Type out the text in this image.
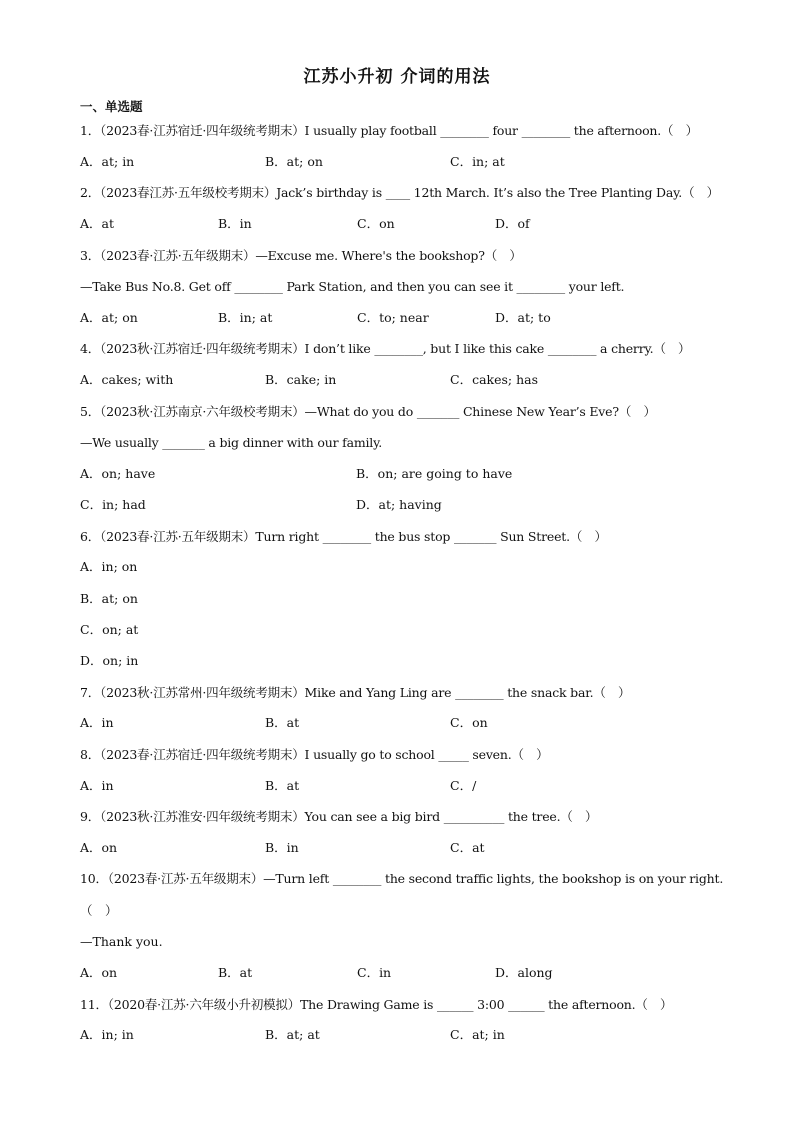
江苏小升初 介词的用法
一、单选题
1．（2023春·江苏宿迁·四年级统考期末）I usually play football ________ four ________ the afternoon.（　）
A．at; in	B．at; on	C．in; at
2．（2023春江苏·五年级校考期末）Jack’s birthday is ____ 12th March. It’s also the Tree Planting Day.（　）
A．at	B．in	C．on	D．of
3．（2023春·江苏·五年级期末）—Excuse me. Where's the bookshop?（　）
—Take Bus No.8. Get off ________ Park Station, and then you can see it ________ your left.
A．at; on	B．in; at	C．to; near	D．at; to
4．（2023秋·江苏宿迁·四年级统考期末）I don’t like ________, but I like this cake ________ a cherry.（　）
A．cakes; with	B．cake; in	C．cakes; has
5．（2023秋·江苏南京·六年级校考期末）—What do you do _______ Chinese New Year’s Eve?（　）
—We usually _______ a big dinner with our family.
A．on; have	B．on; are going to have
C．in; had	D．at; having
6．（2023春·江苏·五年级期末）Turn right ________ the bus stop _______ Sun Street.（　）
A．in; on
B．at; on
C．on; at
D．on; in
7．（2023秋·江苏常州·四年级统考期末）Mike and Yang Ling are ________ the snack bar.（　）
A．in	B．at	C．on
8．（2023春·江苏宿迁·四年级统考期末）I usually go to school _____ seven.（　）
A．in	B．at	C．/
9．（2023秋·江苏淮安·四年级统考期末）You can see a big bird __________ the tree.（　）
A．on	B．in	C．at
10．（2023春·江苏·五年级期末）—Turn left ________ the second traffic lights, the bookshop is on your right.
（　）
—Thank you.
A．on	B．at	C．in	D．along
11．（2020春·江苏·六年级小升初模拟）The Drawing Game is ______ 3:00 ______ the afternoon.（　）
A．in; in	B．at; at	C．at; in
